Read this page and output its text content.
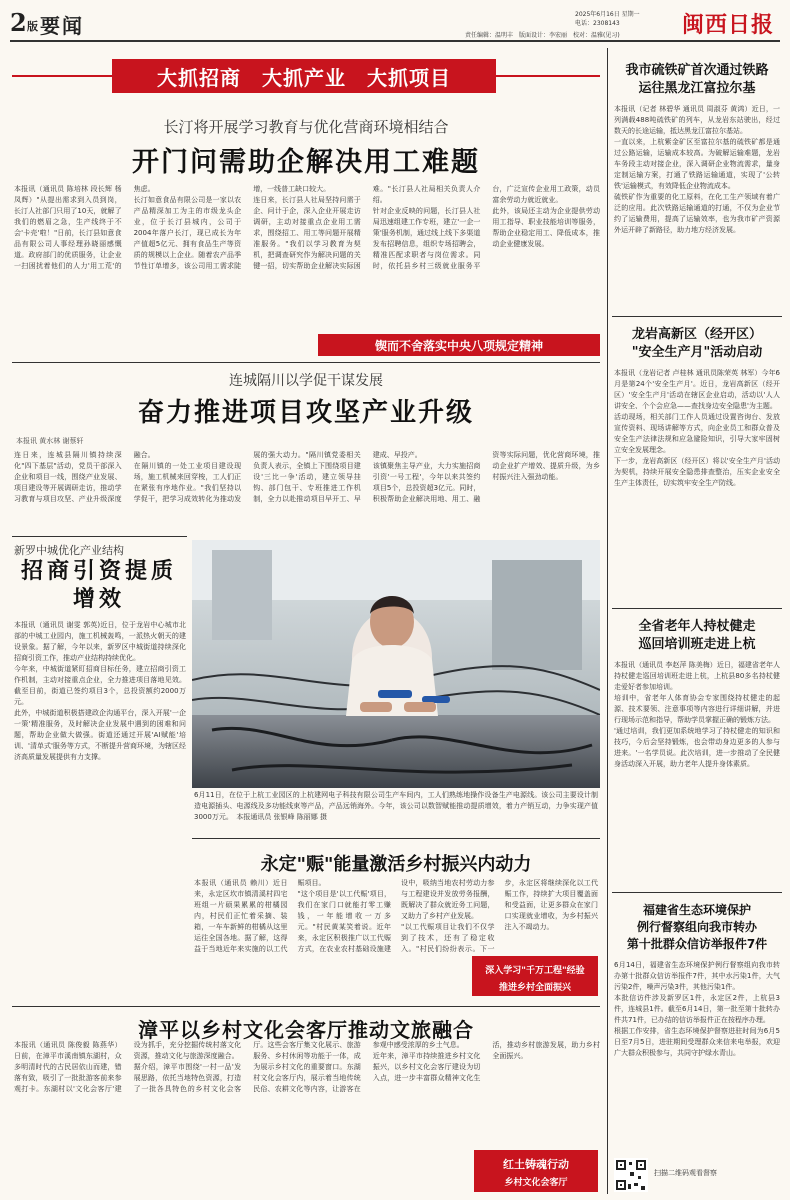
2 版 要闻	2025年6月16日 星期一
电话：2308143
责任编辑：温明丰　版面设计：李宏丽　校对：温雅(见习)	闽西日报
大抓招商　大抓产业　大抓项目
长汀将开展学习教育与优化营商环境相结合
开门问需助企解决用工难题
本报讯（通讯员 陈培林 段长辉 杨凤辉）"从提出需求到入员到岗，长汀人社部门只用了10天，就解了我们的燃眉之急，生产线终于不会'卡壳'啦！"日前，长汀县如意食品有限公司人事经理孙晓丽感慨道。政府部门的优质服务，让企业一扫困扰着他们的人力'用工荒'的焦虑。
长汀如意食品有限公司是一家以农产品精深加工为主的市级龙头企业，位于长汀县城内，公司于2004年落户长汀，现已成长为年产值超5亿元、拥有食品生产等资质的规模以上企业。随着农产品季节性订单增多，该公司用工需求陡增，一线普工缺口较大。
连日来，长汀县人社局坚持问需于企、问计于企，深入企业开展走访调研，主动对接重点企业用工需求，围绕招工、用工等问题开展精准服务。"我们以学习教育为契机，把调查研究作为解决问题的关键一招，切实帮助企业解决实际困难。"长汀县人社局相关负责人介绍。
针对企业反映的问题，长汀县人社局迅速组建工作专班，建立'一企一策'服务机制，通过线上线下多渠道发布招聘信息，组织专场招聘会，精准匹配求职者与岗位需求。同时，依托县乡村三级就业服务平台，广泛宣传企业用工政策，动员富余劳动力就近就业。
此外，该局还主动为企业提供劳动用工指导、职业技能培训等服务，帮助企业稳定用工、降低成本，推动企业健康发展。
锲而不舍落实中央八项规定精神
连城隔川以学促干谋发展
奋力推进项目攻坚产业升级
本报讯 黄水林 谢蔡轩
连日来，连城县隔川镇持续深化"四下基层"活动，党员干部深入企业和项目一线，围绕产业发展、项目建设等开展调研走访，推动学习教育与项目攻坚、产业升级深度融合。
在隔川镇的一处工业项目建设现场，施工机械来回穿梭，工人们正在紧张有序地作业。"我们坚持以学促干，把学习成效转化为推动发展的强大动力。"隔川镇党委相关负责人表示，全镇上下围绕项目建设'三比一争'活动，建立领导挂钩、部门包干、专班推进工作机制，全力以赴推动项目早开工、早建成、早投产。
该镇聚焦主导产业，大力实施招商引资'一号工程'，今年以来共签约项目5个，总投资超3亿元。同时，积极帮助企业解决用地、用工、融资等实际问题，优化营商环境，推动企业扩产增效、提质升级，为乡村振兴注入强劲动能。
新罗中城优化产业结构
招商引资提质增效
本报讯（通讯员 谢雯 郭英)近日，位于龙岩中心城市北部的中城工业园内，施工机械轰鸣，一派热火朝天的建设景象。据了解，今年以来，新罗区中城街道持续深化招商引资工作，推动产业结构持续优化。
今年来，中城街道紧盯招商目标任务，建立招商引资工作机制，主动对接重点企业，全力推进项目落地见效。截至目前，街道已签约项目3个，总投资额约2000万元。
此外，中城街道积极搭建政企沟通平台，深入开展'一企一策'精准服务，及时解决企业发展中遇到的困难和问题，帮助企业做大做强。街道还通过开展'AI赋能'培训、'清单式'服务等方式，不断提升营商环境，为辖区经济高质量发展提供有力支撑。
6月11日，在位于上杭工业园区的上杭建网电子科技有限公司生产车间内，工人们熟练地操作设备生产电源线。该公司主要设计制造电源插头、电源线及多功能线束等产品，产品远销海外。今年，该公司以数智赋能推动提质增效，着力产销互动，力争实现产值3000万元。　 本报通讯员 张银峰 陈丽娜 摄
永定"赈"能量激活乡村振兴内动力
本报讯（通讯员 赖川）近日来，永定区坎市镇清溪村四宅班组一片硕果累累的柑橘园内，村民们正忙着采摘、装箱，一车车新鲜的柑橘从这里运往全国各地。据了解，这得益于当地近年来实施的以工代赈项目。
"这个项目是'以工代赈'项目，我们在家门口就能打零工赚钱，一年能增收一万多元。"村民黄某笑着说。近年来，永定区积极推广以工代赈方式，在农业农村基础设施建设中，吸纳当地农村劳动力参与工程建设并发放劳务报酬，既解决了群众就近务工问题，又助力了乡村产业发展。
"以工代赈项目让我们不仅学到了技术，还有了稳定收入。"村民们纷纷表示。下一步，永定区将继续深化以工代赈工作，持续扩大项目覆盖面和受益面，让更多群众在家门口实现就业增收，为乡村振兴注入不竭动力。
深入学习"千万工程"经验
推进乡村全面振兴
漳平以乡村文化会客厅推动文旅融合
本报讯（通讯员 陈俊毅 陈燕华）日前，在漳平市溪南镇东湖村，众多明清时代的古民居依山而建，错落有致，吸引了一批批游客前来参观打卡。东湖村以'文化会客厅'建设为抓手，充分挖掘传统村落文化资源，推动文化与旅游深度融合。
据介绍，漳平市围绕'一村一品'发展思路，依托当地特色资源，打造了一批各具特色的乡村文化会客厅。这些会客厅集文化展示、旅游服务、乡村休闲等功能于一体，成为展示乡村文化的重要窗口。东湖村文化会客厅内，展示着当地传统民俗、农耕文化等内容，让游客在参观中感受浓厚的乡土气息。
近年来，漳平市持续推进乡村文化振兴，以乡村文化会客厅建设为切入点，进一步丰富群众精神文化生活，推动乡村旅游发展，助力乡村全面振兴。
红土铸魂行动
乡村文化会客厅
我市硫铁矿首次通过铁路
运往黑龙江富拉尔基
本报讯（记者 林碧华 通讯员 周淑芬 黄鸿）近日，一列满载488吨硫铁矿的列车，从龙岩东站驶出，经过数天的长途运输，抵达黑龙江富拉尔基站。
一直以来，上杭紫金矿区至富拉尔基的硫铁矿都是通过公路运输，运输成本较高。为破解运输难题，龙岩车务段主动对接企业，深入调研企业物流需求，量身定制运输方案，打通了铁路运输通道，实现了'公转铁'运输模式，有效降低企业物流成本。
硫铁矿作为重要的化工原料，在化工生产领域有着广泛的应用。此次铁路运输通道的打通，不仅为企业节约了运输费用，提高了运输效率，也为我市矿产资源外运开辟了新路径，助力地方经济发展。
龙岩高新区（经开区）
"安全生产月"活动启动
本报讯（龙岩记者 卢桂林 通讯员陈荣英 林军）今年6月是第24个'安全生产月'。近日，龙岩高新区（经开区）'安全生产月'活动在辖区企业启动，活动以'人人讲安全、个个会应急——查找身边安全隐患'为主题。
活动现场，相关部门工作人员通过设置咨询台、发放宣传资料、现场讲解等方式，向企业员工和群众普及安全生产法律法规和应急避险知识，引导大家牢固树立安全发展理念。
下一步，龙岩高新区（经开区）将以'安全生产月'活动为契机，持续开展安全隐患排查整治，压实企业安全生产主体责任，切实筑牢安全生产防线。
全省老年人持杖健走
巡回培训班走进上杭
本报讯（通讯员 李赵萍 陈美梅）近日，福建省老年人持杖健走巡回培训班走进上杭，上杭县80多名持杖健走爱好者参加培训。
培训中，省老年人体育协会专家围绕持杖健走的起源、技术要领、注意事项等内容进行详细讲解，并进行现场示范和指导，帮助学员掌握正确的锻炼方法。
'通过培训，我们更加系统地学习了持杖健走的知识和技巧，今后会坚持锻炼，也会带动身边更多的人参与进来。'一名学员说。此次培训，进一步推动了全民健身活动深入开展，助力老年人提升身体素质。
福建省生态环境保护
例行督察组向我市转办
第十批群众信访举报件7件
6月14日，福建省生态环境保护例行督察组向我市转办第十批群众信访举报件7件，其中水污染1件，大气污染2件，噪声污染3件，其他污染1件。
本批信访件涉及新罗区1件，永定区2件，上杭县3件，连城县1件。截至6月14日，第一批至第十批转办件共71件，已办结的信访举报件正在按程序办理。
根据工作安排，省生态环境保护督察进驻时间为6月5日至7月5日，进驻期间受理群众来信来电举报，欢迎广大群众积极参与，共同守护绿水青山。
扫描二维码观看督察
